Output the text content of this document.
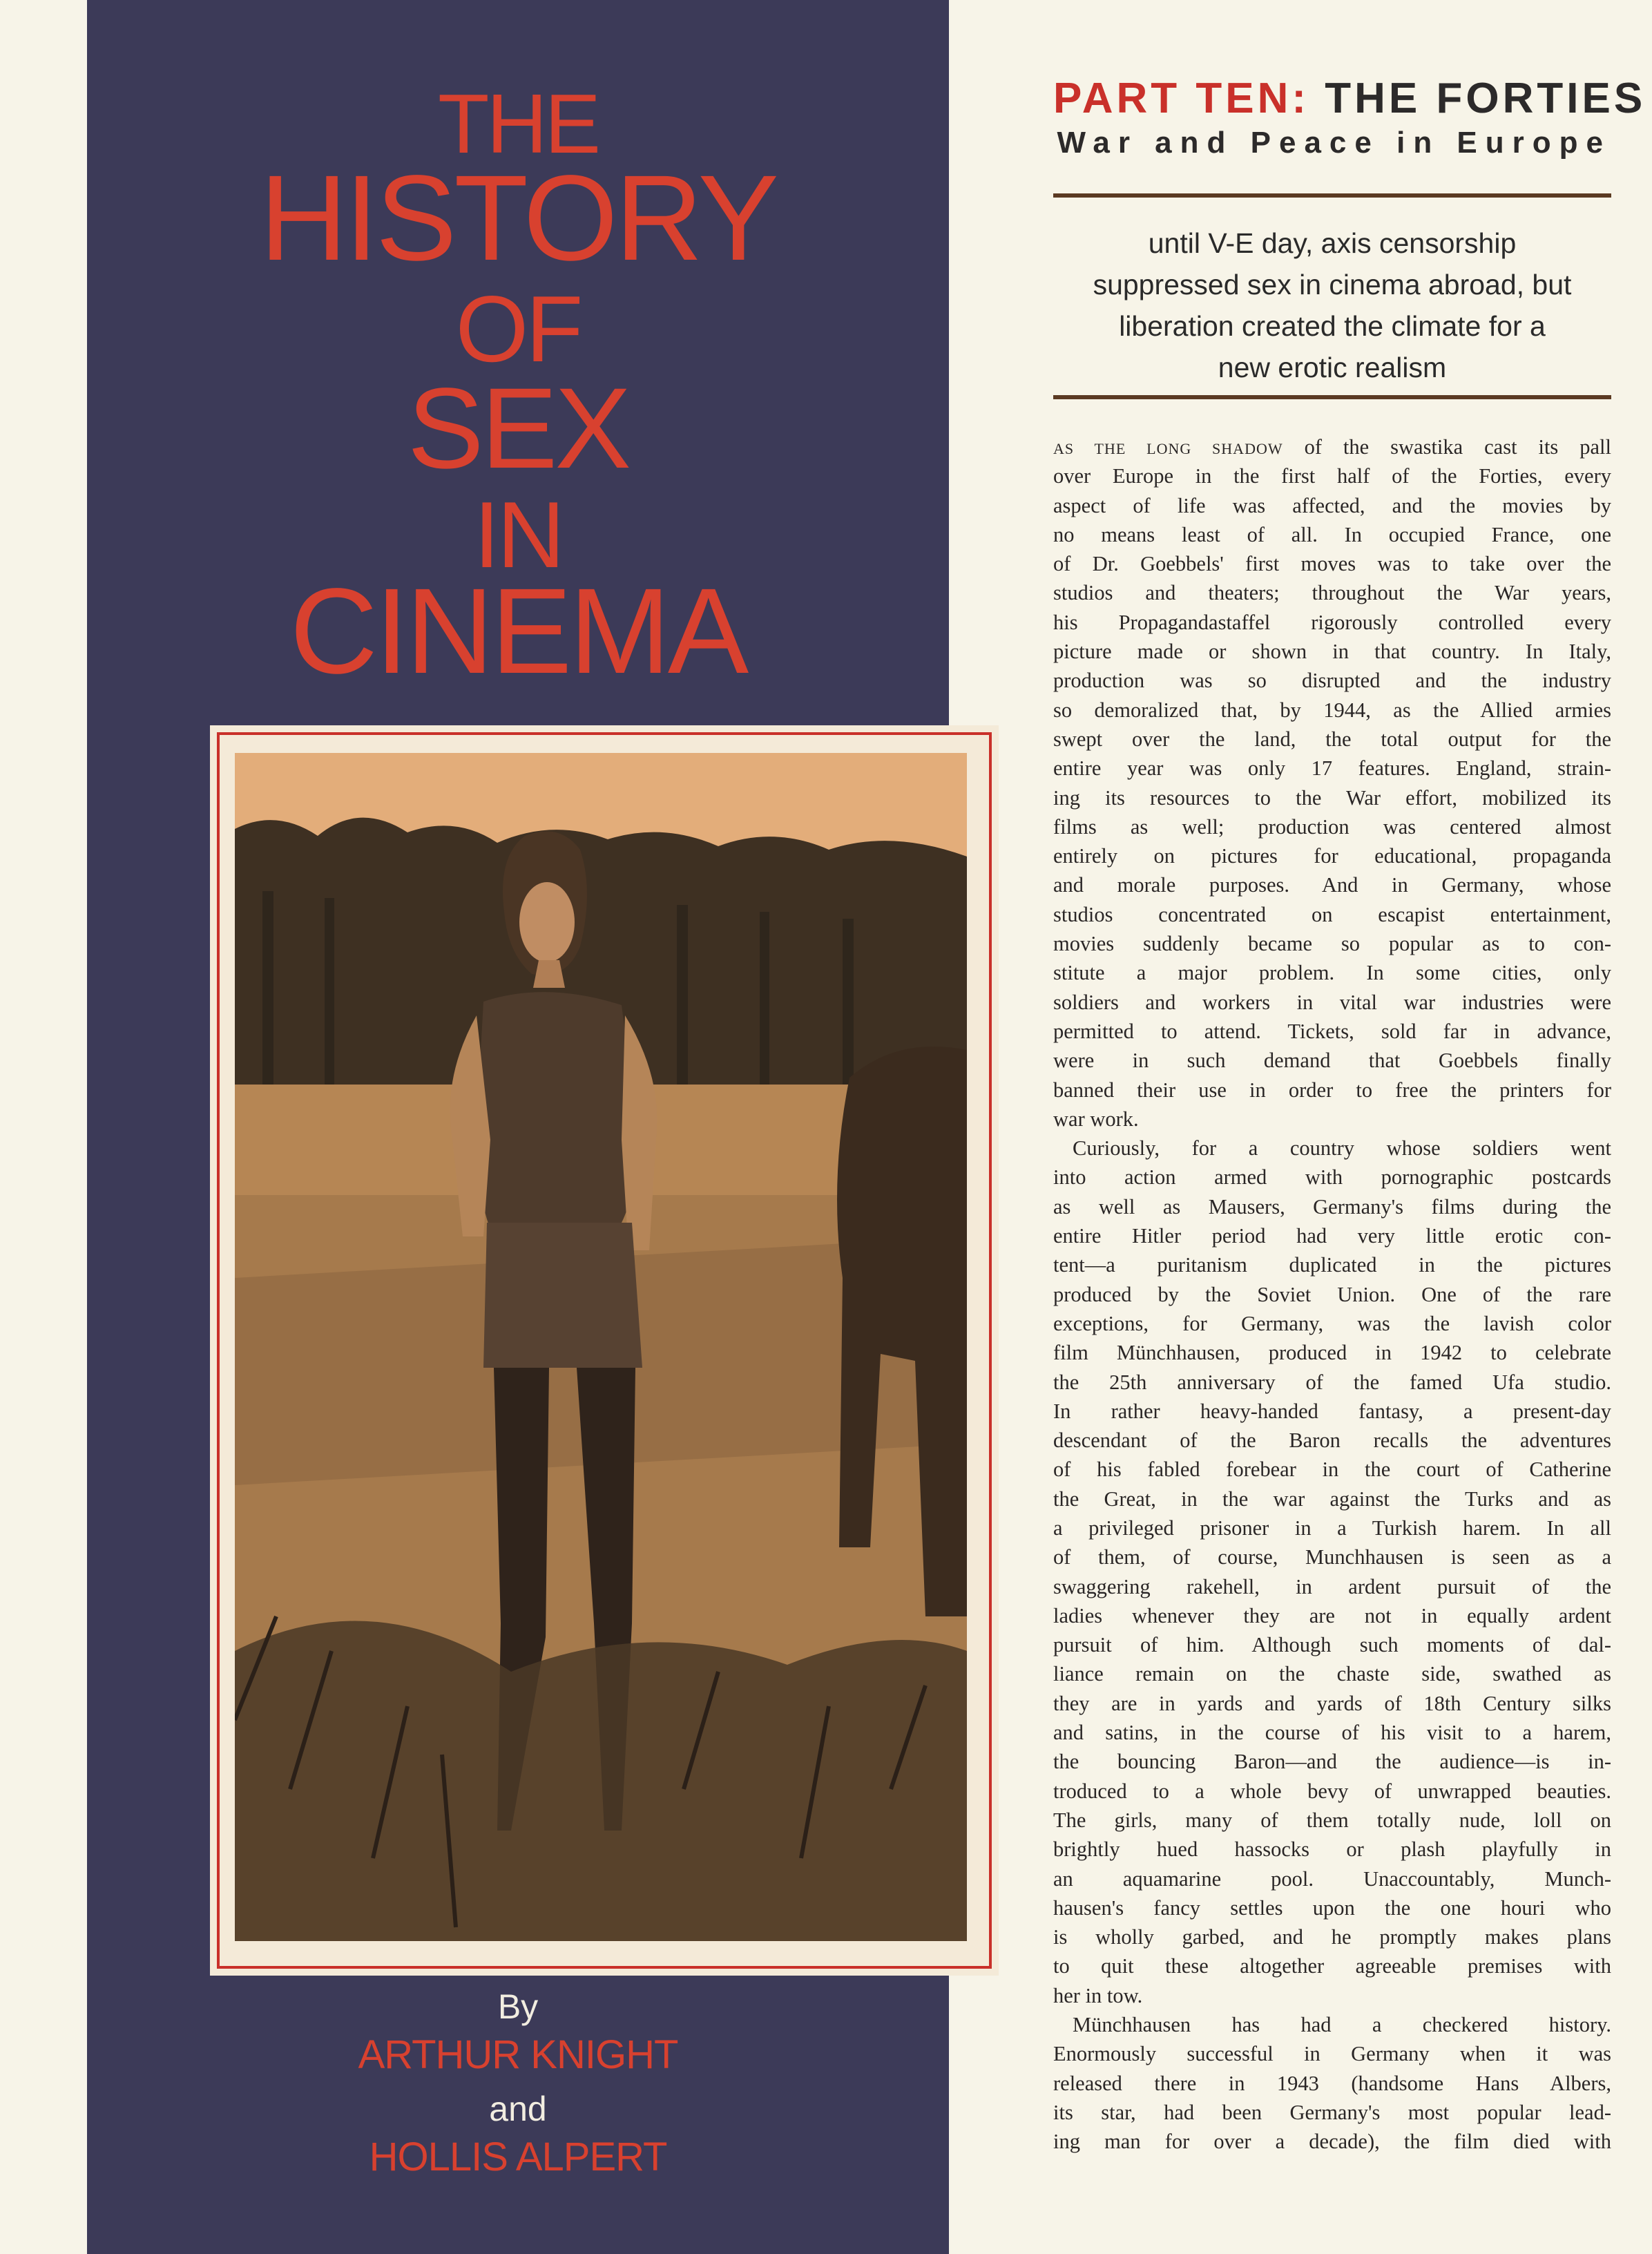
THE
HISTORY
OF
SEX
IN
CINEMA
By
ARTHUR KNIGHT
and
HOLLIS ALPERT
PART TEN: THE FORTIES
War and Peace in Europe
until V-E day, axis censorship
suppressed sex in cinema abroad, but
liberation created the climate for a
new erotic realism
AS THE LONG SHADOW of the swastika cast its pall
over Europe in the first half of the Forties, every
aspect of life was affected, and the movies by
no means least of all. In occupied France, one
of Dr. Goebbels' first moves was to take over the
studios and theaters; throughout the War years,
his Propagandastaffel rigorously controlled every
picture made or shown in that country. In Italy,
production was so disrupted and the industry
so demoralized that, by 1944, as the Allied armies
swept over the land, the total output for the
entire year was only 17 features. England, strain-
ing its resources to the War effort, mobilized its
films as well; production was centered almost
entirely on pictures for educational, propaganda
and morale purposes. And in Germany, whose
studios concentrated on escapist entertainment,
movies suddenly became so popular as to con-
stitute a major problem. In some cities, only
soldiers and workers in vital war industries were
permitted to attend. Tickets, sold far in advance,
were in such demand that Goebbels finally
banned their use in order to free the printers for
war work.
Curiously, for a country whose soldiers went
into action armed with pornographic postcards
as well as Mausers, Germany's films during the
entire Hitler period had very little erotic con-
tent—a puritanism duplicated in the pictures
produced by the Soviet Union. One of the rare
exceptions, for Germany, was the lavish color
film Münchhausen, produced in 1942 to celebrate
the 25th anniversary of the famed Ufa studio.
In rather heavy-handed fantasy, a present-day
descendant of the Baron recalls the adventures
of his fabled forebear in the court of Catherine
the Great, in the war against the Turks and as
a privileged prisoner in a Turkish harem. In all
of them, of course, Munchhausen is seen as a
swaggering rakehell, in ardent pursuit of the
ladies whenever they are not in equally ardent
pursuit of him. Although such moments of dal-
liance remain on the chaste side, swathed as
they are in yards and yards of 18th Century silks
and satins, in the course of his visit to a harem,
the bouncing Baron—and the audience—is in-
troduced to a whole bevy of unwrapped beauties.
The girls, many of them totally nude, loll on
brightly hued hassocks or plash playfully in
an aquamarine pool. Unaccountably, Munch-
hausen's fancy settles upon the one houri who
is wholly garbed, and he promptly makes plans
to quit these altogether agreeable premises with
her in tow.
Münchhausen has had a checkered history.
Enormously successful in Germany when it was
released there in 1943 (handsome Hans Albers,
its star, had been Germany's most popular lead-
ing man for over a decade), the film died with
